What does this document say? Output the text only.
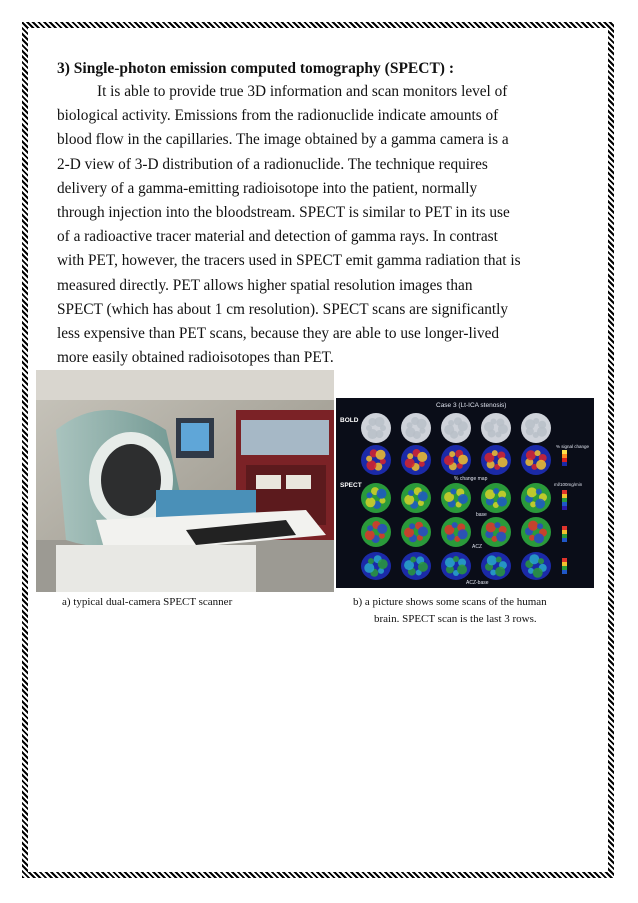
3) Single-photon emission computed tomography (SPECT) :
It is able to provide true 3D information and scan monitors level of
biological activity. Emissions from the radionuclide indicate amounts of
blood flow in the capillaries. The image obtained by a gamma camera is a
2-D view of 3-D distribution of a radionuclide. The technique requires
delivery of a gamma-emitting radioisotope into the patient, normally
through injection into the bloodstream. SPECT is similar to PET in its use
of a radioactive tracer material and detection of gamma rays. In contrast
with PET, however, the tracers used in SPECT emit gamma radiation that is
measured directly. PET allows higher spatial resolution images than
SPECT (which has about 1 cm resolution). SPECT scans are significantly
less expensive than PET scans, because they are able to use longer-lived
more easily obtained radioisotopes than PET.
Case 3 (Lt-ICA stenosis)
BOLD
SPECT
% signal change
% change map
ml/100mg/min
base
ACZ
ACZ-base
a) typical dual-camera SPECT scanner	b) a picture shows some scans of the human
brain. SPECT scan is the last 3 rows.
